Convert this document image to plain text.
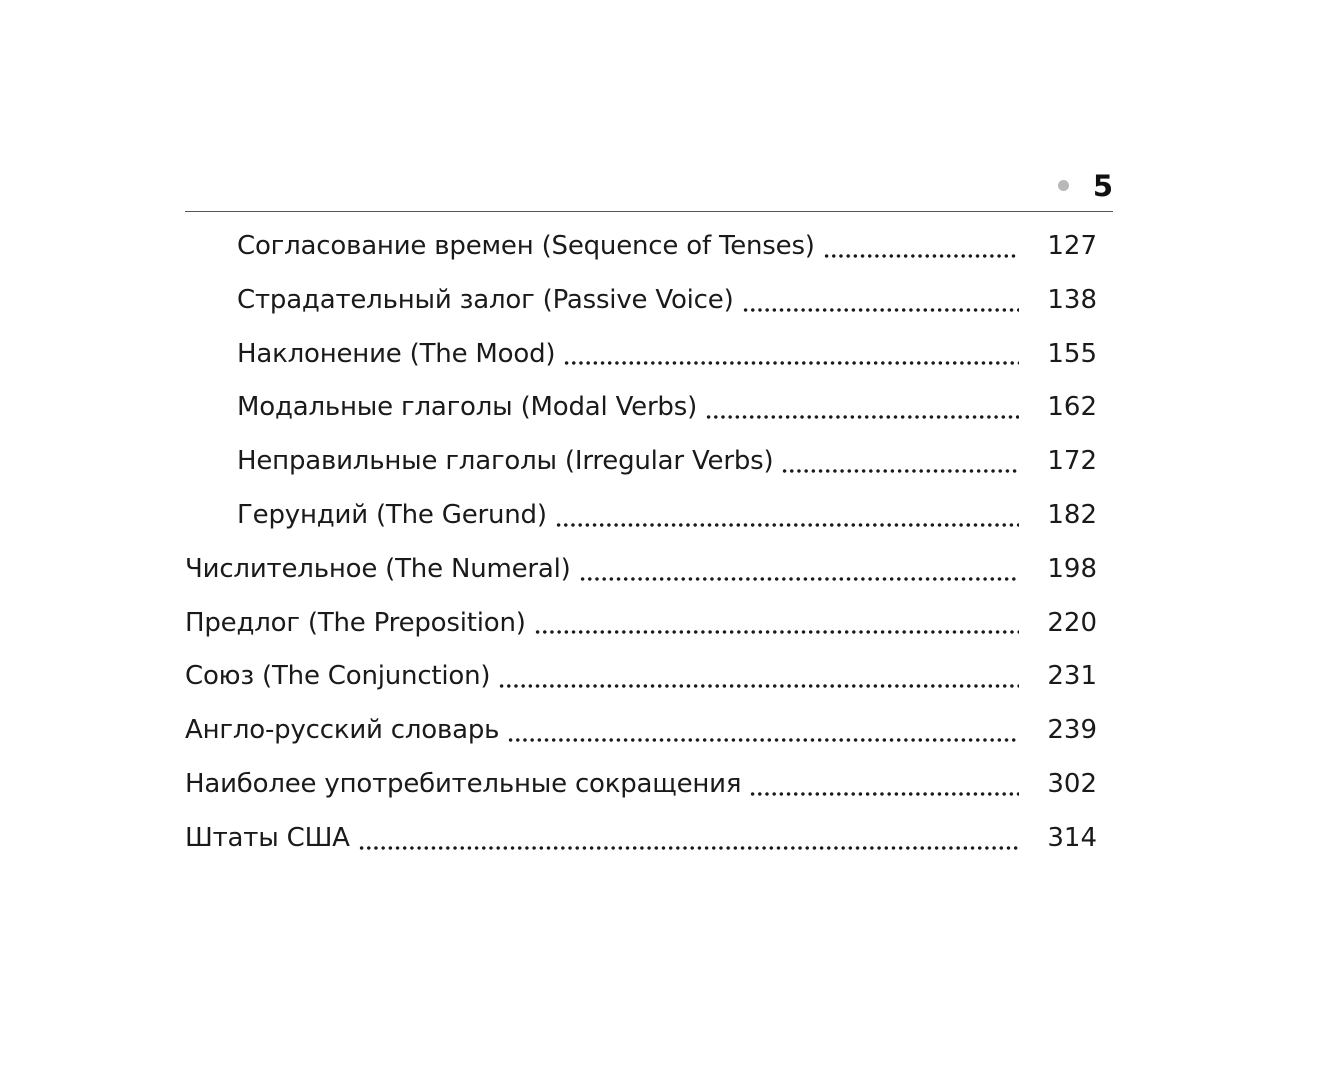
5
Согласование времен (Sequence of Tenses)	127
Страдательный залог (Passive Voice)	138
Наклонение (The Mood)	155
Модальные глаголы (Modal Verbs)	162
Неправильные глаголы (Irregular Verbs)	172
Герундий (The Gerund)	182
Числительное (The Numeral)	198
Предлог (The Preposition)	220
Союз (The Conjunction)	231
Англо-русский словарь	239
Наиболее употребительные сокращения	302
Штаты США	314
